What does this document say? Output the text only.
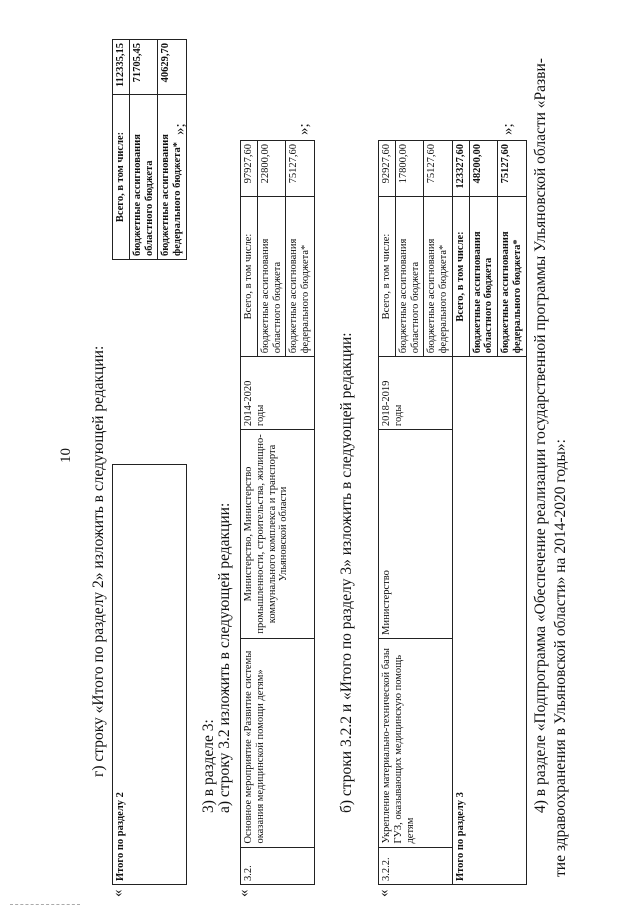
10 г) строку «Итого по разделу 2» изложить в следующей редакции:
«
Итого по разделу 2		Всего, в том числе:	112335,15
		бюджетные ассигнования областного бюджета	71705,45
		бюджетные ассигнования федерального бюджета*	40629,70
»;
3) в разделе 3: а) строку 3.2 изложить в следующей редакции:
«
3.2.	Основное мероприятие «Развитие системы оказания медицинской помощи детям»	Министерство, Министерство промышленности, строительства, жилищно-коммунального комплекса и транспорта Ульяновской области	2014-2020 годы	Всего, в том числе:	97927,60
				бюджетные ассигнования областного бюджета	22800,00
				бюджетные ассигнования федерального бюджета*	75127,60
»;
б) строки 3.2.2 и «Итого по разделу 3» изложить в следующей редакции:
«
3.2.2.	Укрепление материально-технической базы ГУЗ, оказывающих медицинскую помощь детям	Министерство	2018-2019 годы	Всего, в том числе:	92927,60
				бюджетные ассигнования областного бюджета	17800,00
				бюджетные ассигнования федерального бюджета*	75127,60
Итого по разделу 3				Всего, в том числе:	123327,60
				бюджетные ассигнования областного бюджета	48200,00
				бюджетные ассигнования федерального бюджета*	75127,60
»; 4) в разделе «Подпрограмма «Обеспечение реализации государственной программы Ульяновской области «Разви- тие здравоохранения в Ульяновской области» на 2014-2020 годы»:
